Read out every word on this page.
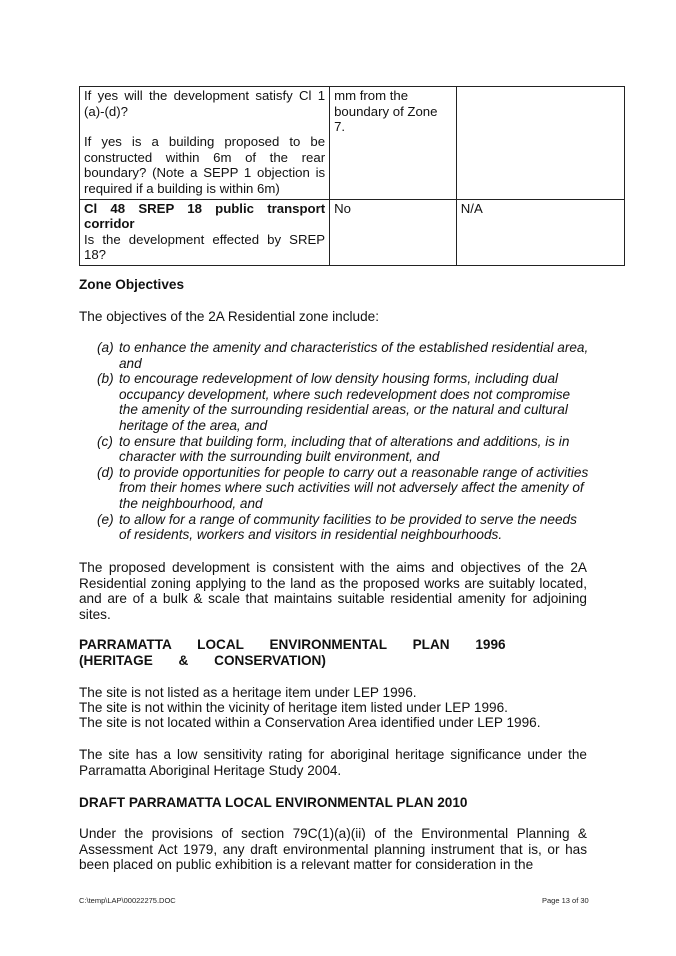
If yes will the development satisfy Cl 1 (a)-(d)?
If yes is a building proposed to be constructed within 6m of the rear boundary? (Note a SEPP 1 objection is required if a building is within 6m)	mm from the boundary of Zone 7.	

Cl 48 SREP 18 public transport corridor
Is the development effected by SREP 18?	No	N/A
Zone Objectives

The objectives of the 2A Residential zone include:

(a) to enhance the amenity and characteristics of the established residential area, and
(b) to encourage redevelopment of low density housing forms, including dual occupancy development, where such redevelopment does not compromise the amenity of the surrounding residential areas, or the natural and cultural heritage of the area, and
(c) to ensure that building form, including that of alterations and additions, is in character with the surrounding built environment, and
(d) to provide opportunities for people to carry out a reasonable range of activities from their homes where such activities will not adversely affect the amenity of the neighbourhood, and
(e) to allow for a range of community facilities to be provided to serve the needs of residents, workers and visitors in residential neighbourhoods.

The proposed development is consistent with the aims and objectives of the 2A Residential zoning applying to the land as the proposed works are suitably located, and are of a bulk & scale that maintains suitable residential amenity for adjoining sites.

PARRAMATTA LOCAL ENVIRONMENTAL PLAN 1996 (HERITAGE & CONSERVATION)

The site is not listed as a heritage item under LEP 1996.

The site is not within the vicinity of heritage item listed under LEP 1996.

The site is not located within a Conservation Area identified under LEP 1996.

The site has a low sensitivity rating for aboriginal heritage significance under the Parramatta Aboriginal Heritage Study 2004.

DRAFT PARRAMATTA LOCAL ENVIRONMENTAL PLAN 2010

Under the provisions of section 79C(1)(a)(ii) of the Environmental Planning & Assessment Act 1979, any draft environmental planning instrument that is, or has been placed on public exhibition is a relevant matter for consideration in the

C:\temp\LAP\00022275.DOC	Page 13 of 30
